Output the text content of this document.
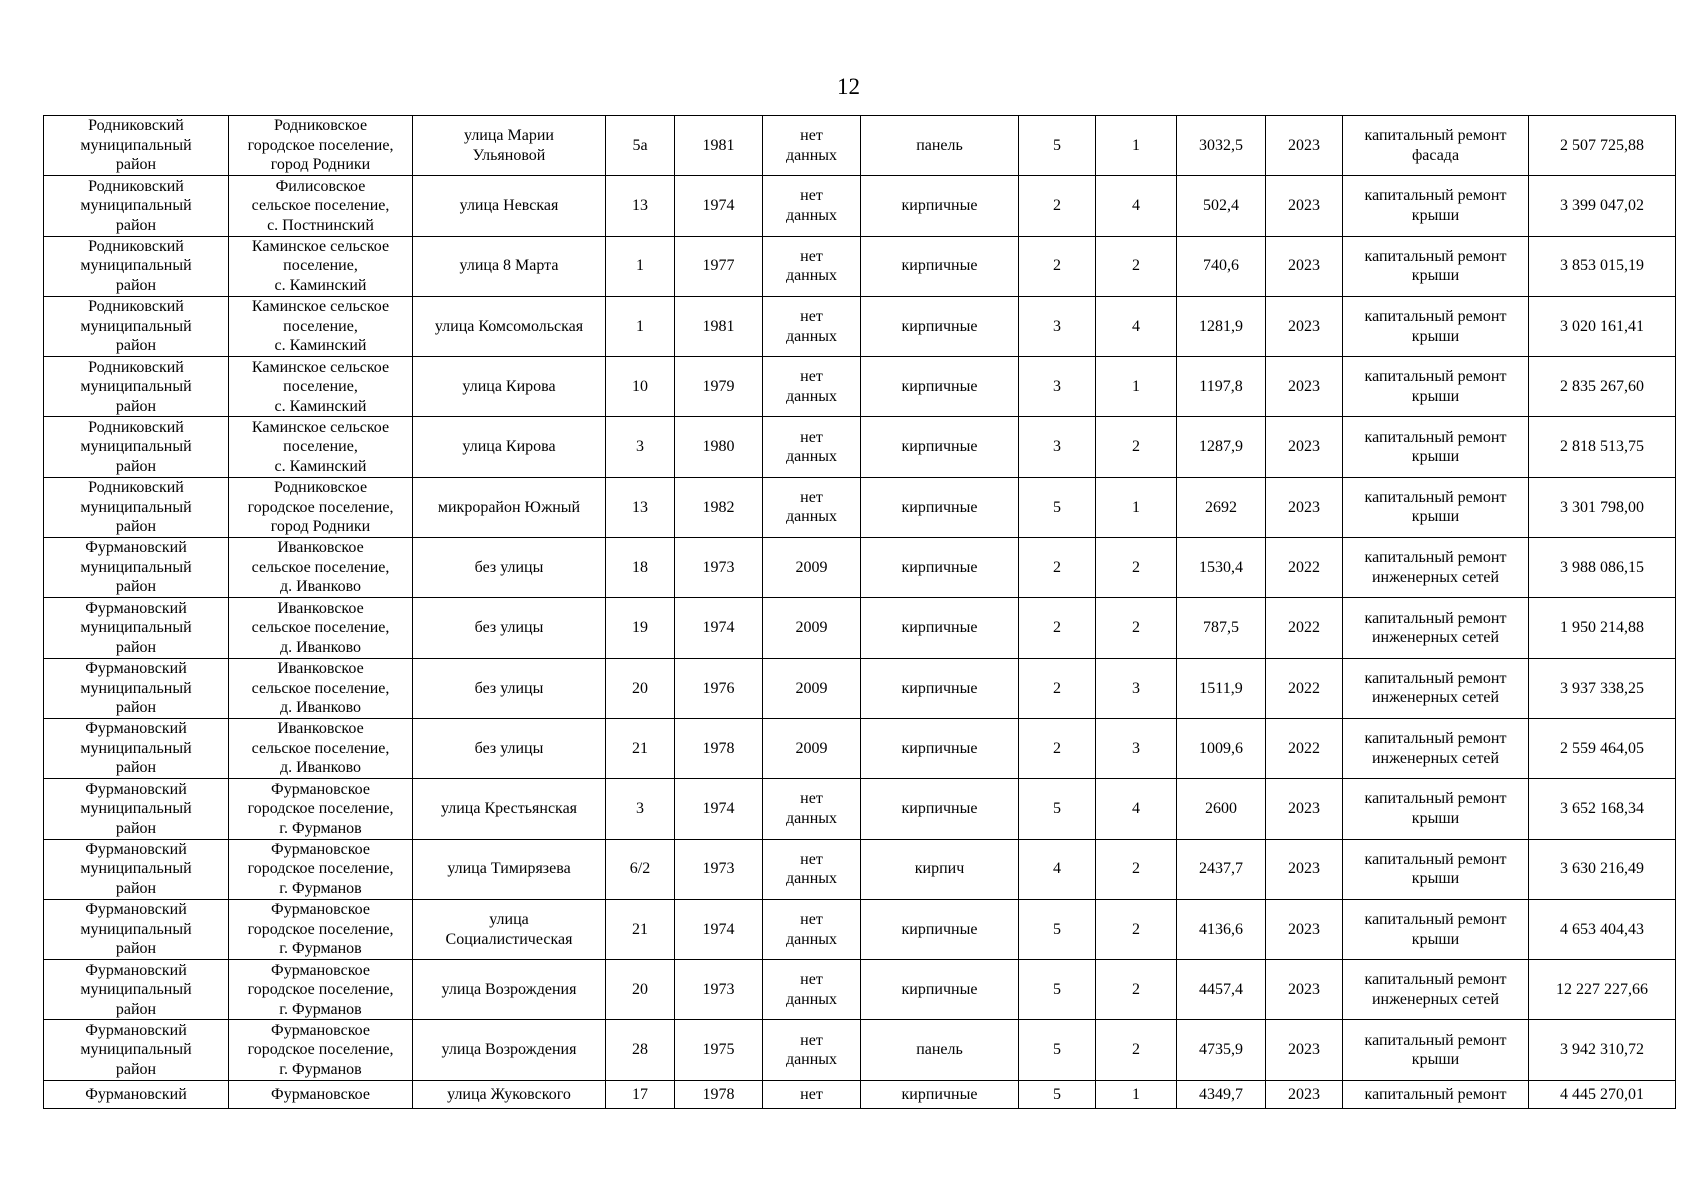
12
Родниковский
муниципальный
район	Родниковское
городское поселение,
город Родники	улица Марии
Ульяновой	5а	1981	нет
данных	панель	5	1	3032,5	2023	капитальный ремонт
фасада	2 507 725,88

Родниковский
муниципальный
район	Филисовское
сельское поселение,
с. Постнинский	улица Невская	13	1974	нет
данных	кирпичные	2	4	502,4	2023	капитальный ремонт
крыши	3 399 047,02

Родниковский
муниципальный
район	Каминское сельское
поселение,
с. Каминский	улица 8 Марта	1	1977	нет
данных	кирпичные	2	2	740,6	2023	капитальный ремонт
крыши	3 853 015,19

Родниковский
муниципальный
район	Каминское сельское
поселение,
с. Каминский	улица Комсомольская	1	1981	нет
данных	кирпичные	3	4	1281,9	2023	капитальный ремонт
крыши	3 020 161,41

Родниковский
муниципальный
район	Каминское сельское
поселение,
с. Каминский	улица Кирова	10	1979	нет
данных	кирпичные	3	1	1197,8	2023	капитальный ремонт
крыши	2 835 267,60

Родниковский
муниципальный
район	Каминское сельское
поселение,
с. Каминский	улица Кирова	3	1980	нет
данных	кирпичные	3	2	1287,9	2023	капитальный ремонт
крыши	2 818 513,75

Родниковский
муниципальный
район	Родниковское
городское поселение,
город Родники	микрорайон Южный	13	1982	нет
данных	кирпичные	5	1	2692	2023	капитальный ремонт
крыши	3 301 798,00

Фурмановский
муниципальный
район	Иванковское
сельское поселение,
д. Иванково	без улицы	18	1973	2009	кирпичные	2	2	1530,4	2022	капитальный ремонт
инженерных сетей	3 988 086,15

Фурмановский
муниципальный
район	Иванковское
сельское поселение,
д. Иванково	без улицы	19	1974	2009	кирпичные	2	2	787,5	2022	капитальный ремонт
инженерных сетей	1 950 214,88

Фурмановский
муниципальный
район	Иванковское
сельское поселение,
д. Иванково	без улицы	20	1976	2009	кирпичные	2	3	1511,9	2022	капитальный ремонт
инженерных сетей	3 937 338,25

Фурмановский
муниципальный
район	Иванковское
сельское поселение,
д. Иванково	без улицы	21	1978	2009	кирпичные	2	3	1009,6	2022	капитальный ремонт
инженерных сетей	2 559 464,05

Фурмановский
муниципальный
район	Фурмановское
городское поселение,
г. Фурманов	улица Крестьянская	3	1974	нет
данных	кирпичные	5	4	2600	2023	капитальный ремонт
крыши	3 652 168,34

Фурмановский
муниципальный
район	Фурмановское
городское поселение,
г. Фурманов	улица Тимирязева	6/2	1973	нет
данных	кирпич	4	2	2437,7	2023	капитальный ремонт
крыши	3 630 216,49

Фурмановский
муниципальный
район	Фурмановское
городское поселение,
г. Фурманов	улица
Социалистическая	21	1974	нет
данных	кирпичные	5	2	4136,6	2023	капитальный ремонт
крыши	4 653 404,43

Фурмановский
муниципальный
район	Фурмановское
городское поселение,
г. Фурманов	улица Возрождения	20	1973	нет
данных	кирпичные	5	2	4457,4	2023	капитальный ремонт
инженерных сетей	12 227 227,66

Фурмановский
муниципальный
район	Фурмановское
городское поселение,
г. Фурманов	улица Возрождения	28	1975	нет
данных	панель	5	2	4735,9	2023	капитальный ремонт
крыши	3 942 310,72

Фурмановский	Фурмановское	улица Жуковского	17	1978	нет	кирпичные	5	1	4349,7	2023	капитальный ремонт	4 445 270,01
